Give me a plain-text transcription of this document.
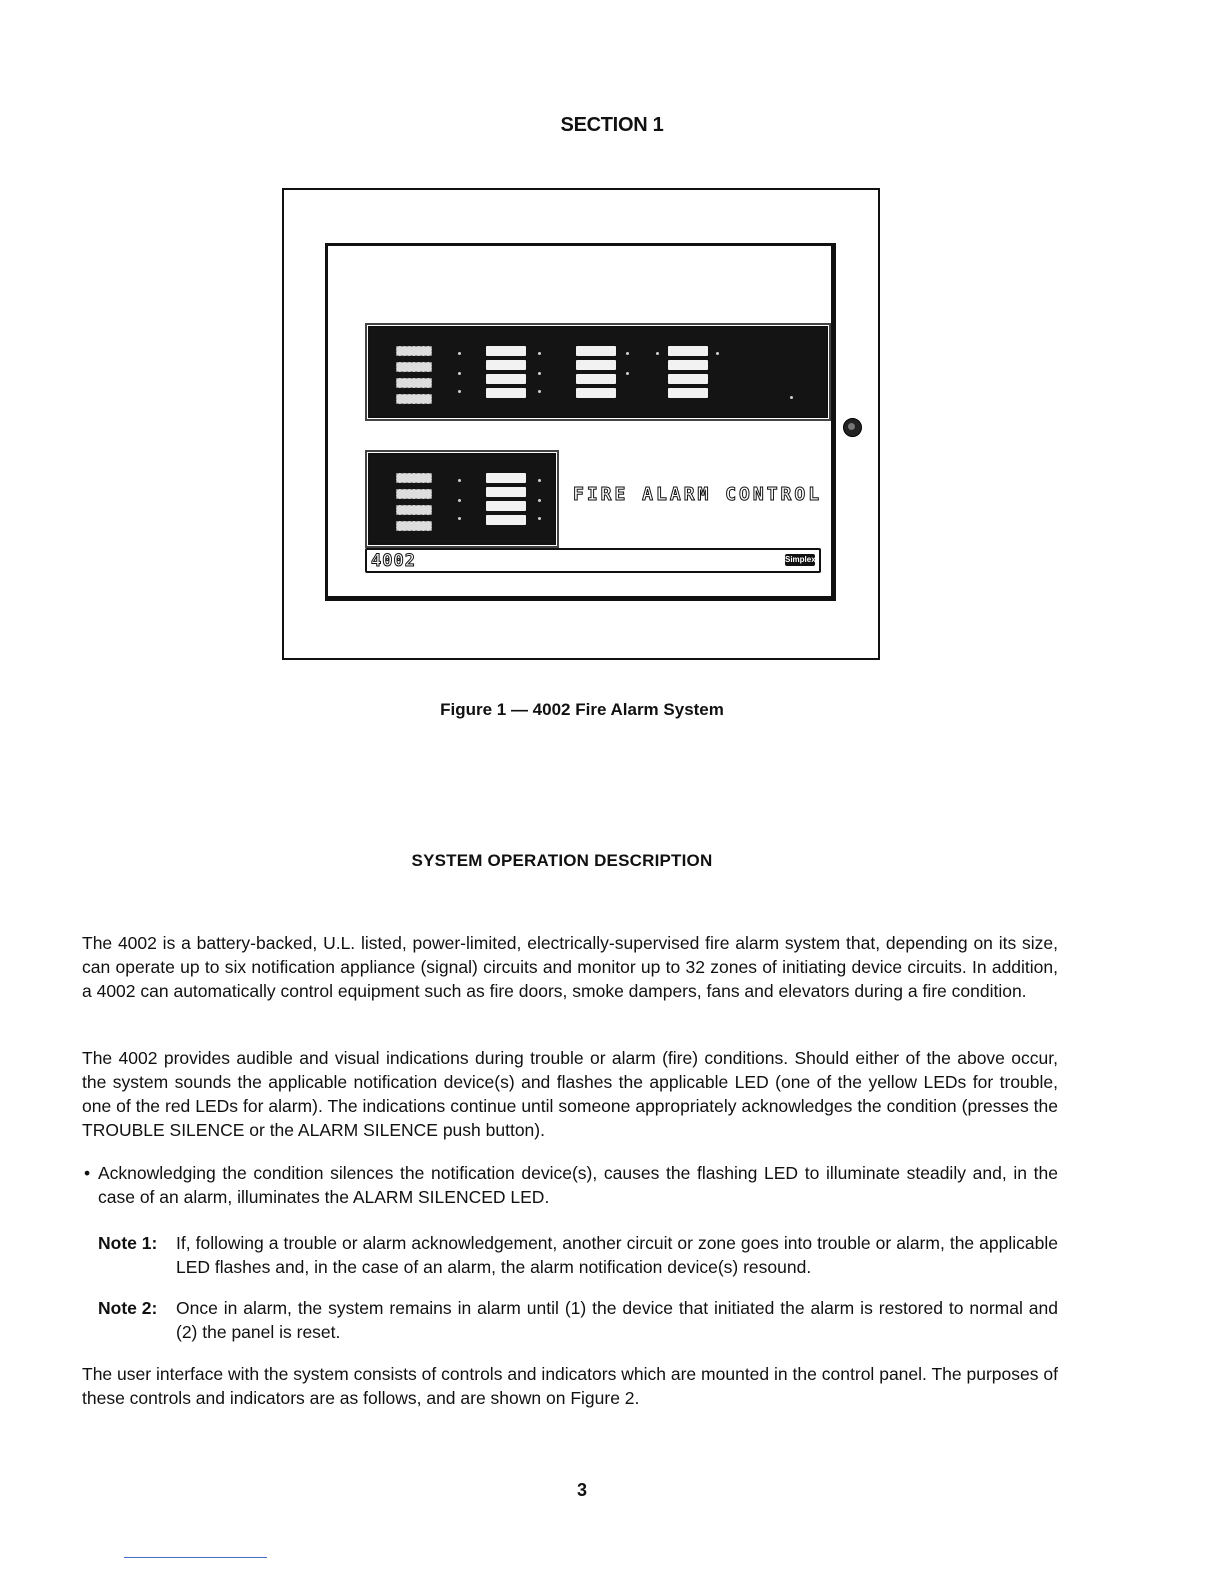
SECTION 1
FIRE ALARM CONTROL
4002	Simplex
Figure 1 — 4002 Fire Alarm System
SYSTEM OPERATION DESCRIPTION

The 4002 is a battery-backed, U.L. listed, power-limited, electrically-supervised fire alarm system that, depending on its size, can operate up to six notification appliance (signal) circuits and monitor up to 32 zones of initiating device circuits. In addition, a 4002 can automatically control equipment such as fire doors, smoke dampers, fans and elevators during a fire condition.

The 4002 provides audible and visual indications during trouble or alarm (fire) conditions. Should either of the above occur, the system sounds the applicable notification device(s) and flashes the applicable LED (one of the yellow LEDs for trouble, one of the red LEDs for alarm). The indications continue until someone appropriately acknowledges the condition (presses the TROUBLE SILENCE or the ALARM SILENCE push button).

• Acknowledging the condition silences the notification device(s), causes the flashing LED to illuminate steadily and, in the case of an alarm, illuminates the ALARM SILENCED LED.
Note 1:	If, following a trouble or alarm acknowledgement, another circuit or zone goes into trouble or alarm, the applicable LED flashes and, in the case of an alarm, the alarm notification device(s) resound.
Note 2:	Once in alarm, the system remains in alarm until (1) the device that initiated the alarm is restored to normal and (2) the panel is reset.

The user interface with the system consists of controls and indicators which are mounted in the control panel. The purposes of these controls and indicators are as follows, and are shown on Figure 2.

3
